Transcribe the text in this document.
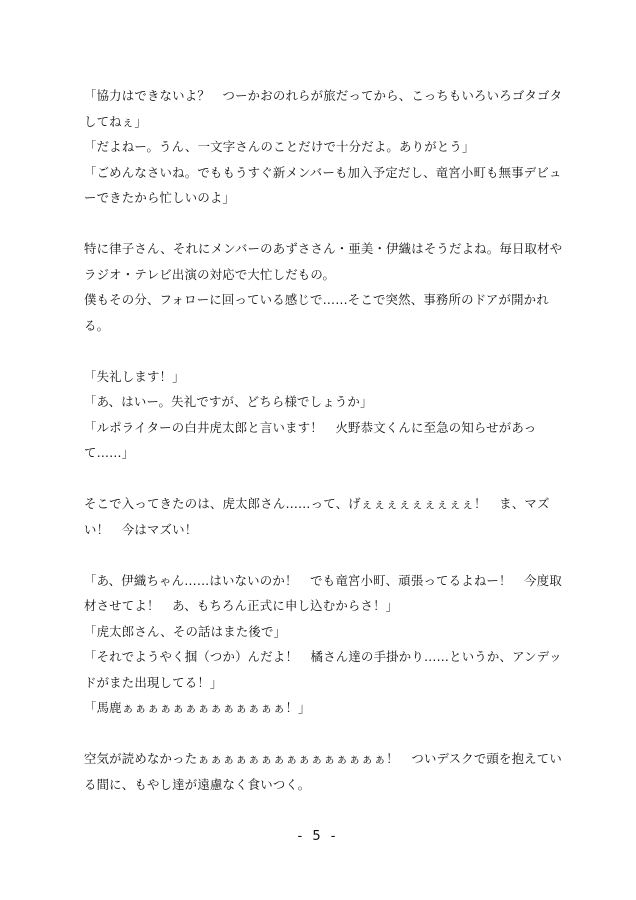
「協力はできないよ？　つーかおのれらが旅だってから、こっちもいろいろゴタゴタしてねぇ」

「だよねー。うん、一文字さんのことだけで十分だよ。ありがとう」

「ごめんなさいね。でももうすぐ新メンバーも加入予定だし、竜宮小町も無事デビューできたから忙しいのよ」

特に律子さん、それにメンバーのあずささん・亜美・伊織はそうだよね。毎日取材やラジオ・テレビ出演の対応で大忙しだもの。

僕もその分、フォローに回っている感じで……そこで突然、事務所のドアが開かれる。

「失礼します！」

「あ、はいー。失礼ですが、どちら様でしょうか」

「ルポライターの白井虎太郎と言います！　火野恭文くんに至急の知らせがあって……」

そこで入ってきたのは、虎太郎さん……って、げぇぇぇぇぇぇぇぇぇ！　ま、マズい！　今はマズい！

「あ、伊織ちゃん……はいないのか！　でも竜宮小町、頑張ってるよねー！　今度取材させてよ！　あ、もちろん正式に申し込むからさ！」

「虎太郎さん、その話はまた後で」

「それでようやく掴（つか）んだよ！　橘さん達の手掛かり……というか、アンデッドがまた出現してる！」

「馬鹿ぁぁぁぁぁぁぁぁぁぁぁぁぁ！」

空気が読めなかったぁぁぁぁぁぁぁぁぁぁぁぁぁぁぁ！　ついデスクで頭を抱えている間に、もやし達が遠慮なく食いつく。

- 5 -
